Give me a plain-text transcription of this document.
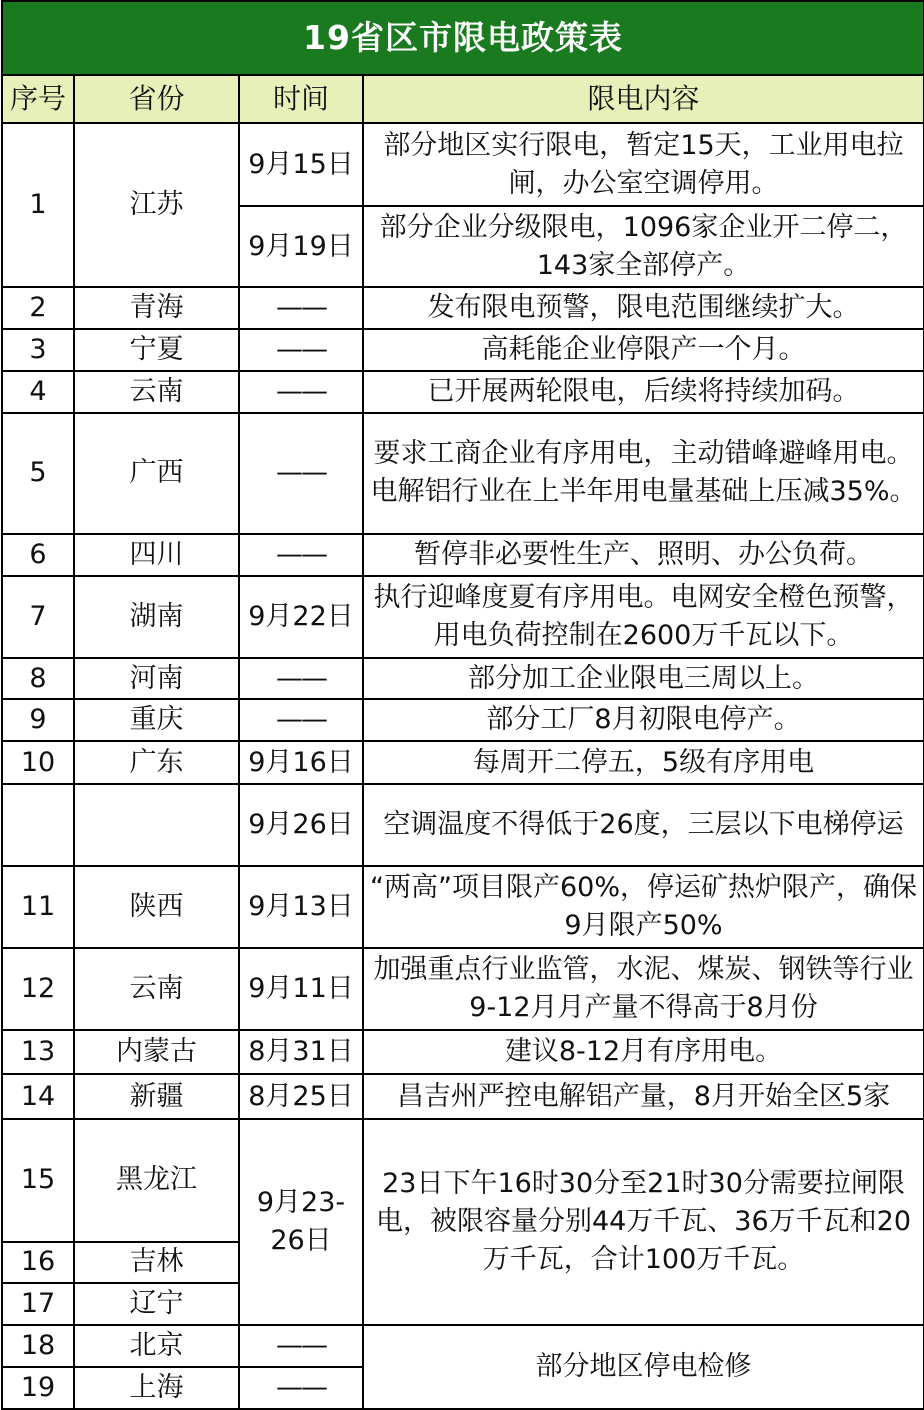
19省区市限电政策表			
序号	省份	时间	限电内容
1	江苏	9月15日	部分地区实行限电，暂定15天，工业用电拉闸，办公室空调停用。
		9月19日	部分企业分级限电，1096家企业开二停二，143家全部停产。
2	青海	——	发布限电预警，限电范围继续扩大。
3	宁夏	——	高耗能企业停限产一个月。
4	云南	——	已开展两轮限电，后续将持续加码。
5	广西	——	要求工商企业有序用电，主动错峰避峰用电。电解铝行业在上半年用电量基础上压减35%。
6	四川	——	暂停非必要性生产、照明、办公负荷。
7	湖南	9月22日	执行迎峰度夏有序用电。电网安全橙色预警，用电负荷控制在2600万千瓦以下。
8	河南	——	部分加工企业限电三周以上。
9	重庆	——	部分工厂8月初限电停产。
10	广东	9月16日	每周开二停五，5级有序用电
		9月26日	空调温度不得低于26度，三层以下电梯停运
11	陕西	9月13日	“两高”项目限产60%，停运矿热炉限产，确保9月限产50%
12	云南	9月11日	加强重点行业监管，水泥、煤炭、钢铁等行业9-12月月产量不得高于8月份
13	内蒙古	8月31日	建议8-12月有序用电。
14	新疆	8月25日	昌吉州严控电解铝产量，8月开始全区5家
15	黑龙江	9月23-26日	23日下午16时30分至21时30分需要拉闸限电，被限容量分别44万千瓦、36万千瓦和20万千瓦，合计100万千瓦。
16	吉林		
17	辽宁		
18	北京	——	部分地区停电检修
19	上海	——	
